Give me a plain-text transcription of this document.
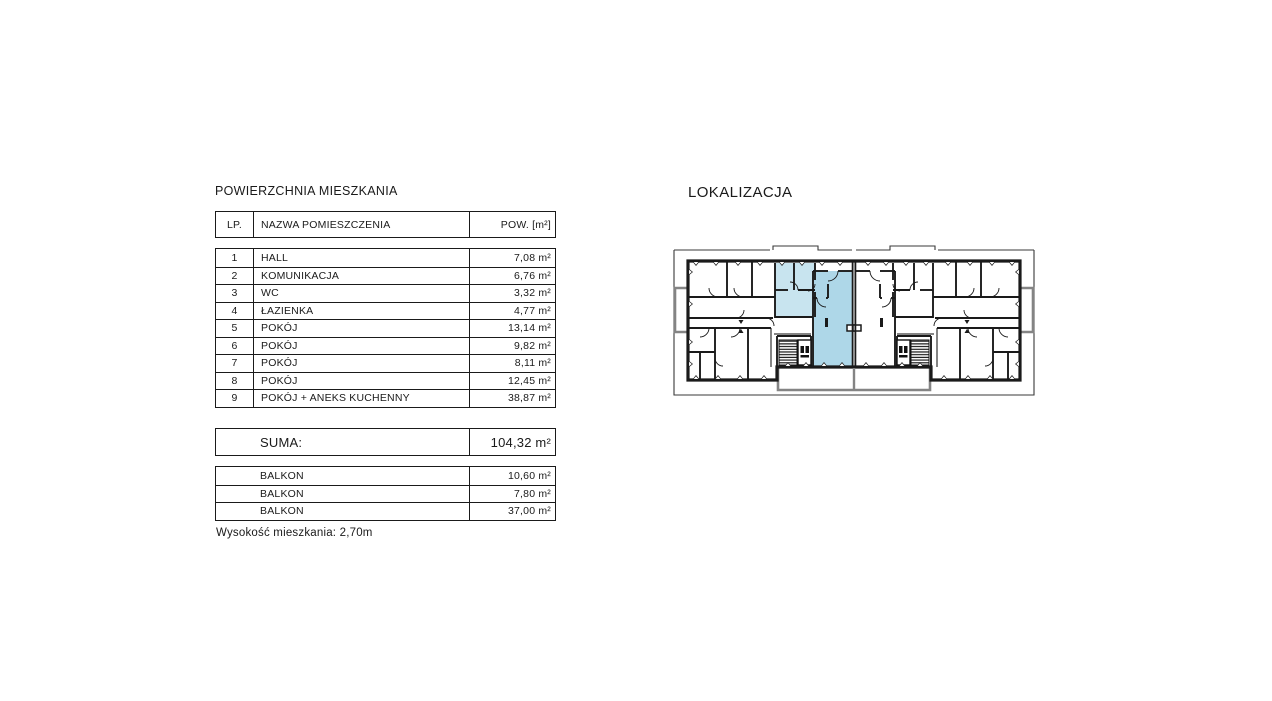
POWIERZCHNIA MIESZKANIA
LP.	NAZWA POMIESZCZENIA	POW. [m²]
1	HALL	7,08 m²
2	KOMUNIKACJA	6,76 m²
3	WC	3,32 m²
4	ŁAZIENKA	4,77 m²
5	POKÓJ	13,14 m²
6	POKÓJ	9,82 m²
7	POKÓJ	8,11 m²
8	POKÓJ	12,45 m²
9	POKÓJ + ANEKS KUCHENNY	38,87 m²
SUMA:	104,32 m²
BALKON	10,60 m²
BALKON	7,80 m²
BALKON	37,00 m²
Wysokość mieszkania: 2,70m
LOKALIZACJA
